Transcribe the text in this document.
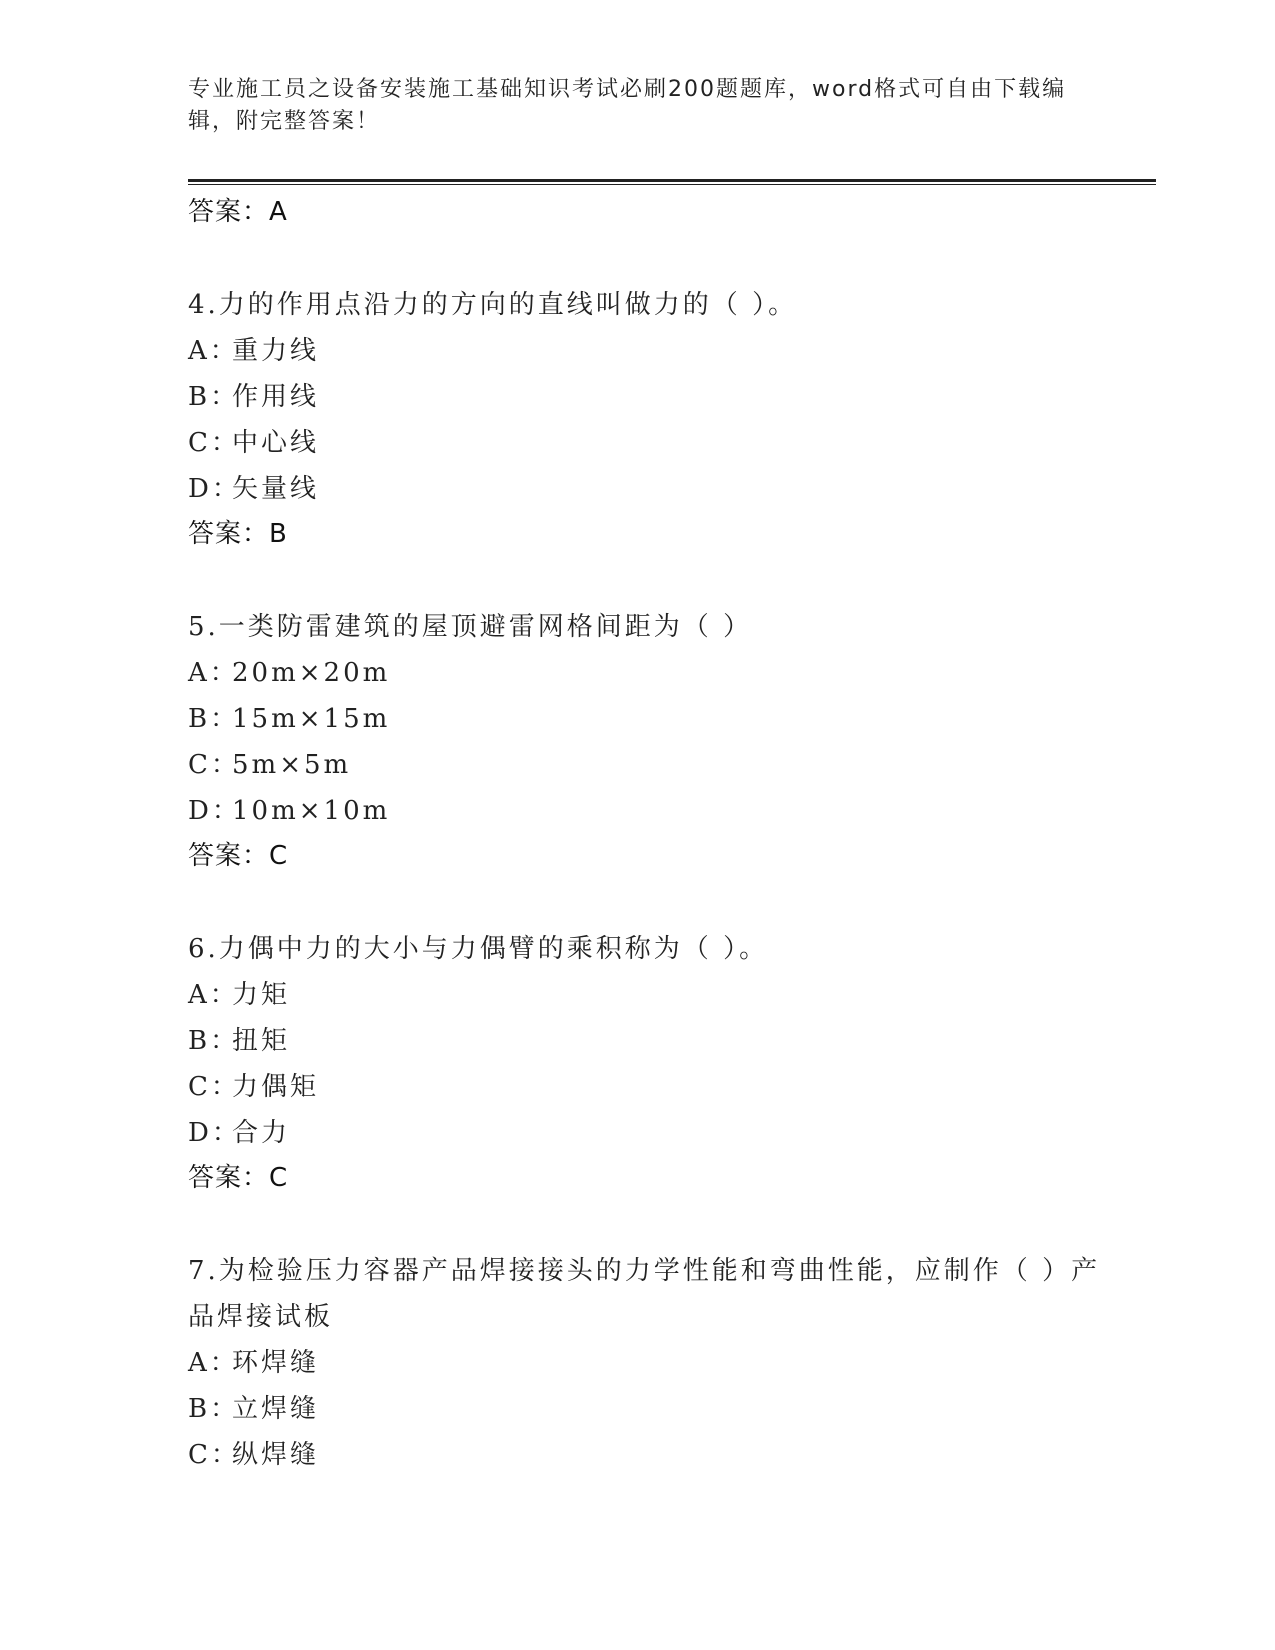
专业施工员之设备安装施工基础知识考试必刷200题题库，word格式可自由下载编辑，附完整答案！
答案：A
4.力的作用点沿力的方向的直线叫做力的（ ）。
A：重力线
B：作用线
C：中心线
D：矢量线
答案：B
5.一类防雷建筑的屋顶避雷网格间距为（ ）
A：20m×20m
B：15m×15m
C：5m×5m
D：10m×10m
答案：C
6.力偶中力的大小与力偶臂的乘积称为（ ）。
A：力矩
B：扭矩
C：力偶矩
D：合力
答案：C
7.为检验压力容器产品焊接接头的力学性能和弯曲性能，应制作（ ）产品焊接试板
A：环焊缝
B：立焊缝
C：纵焊缝
